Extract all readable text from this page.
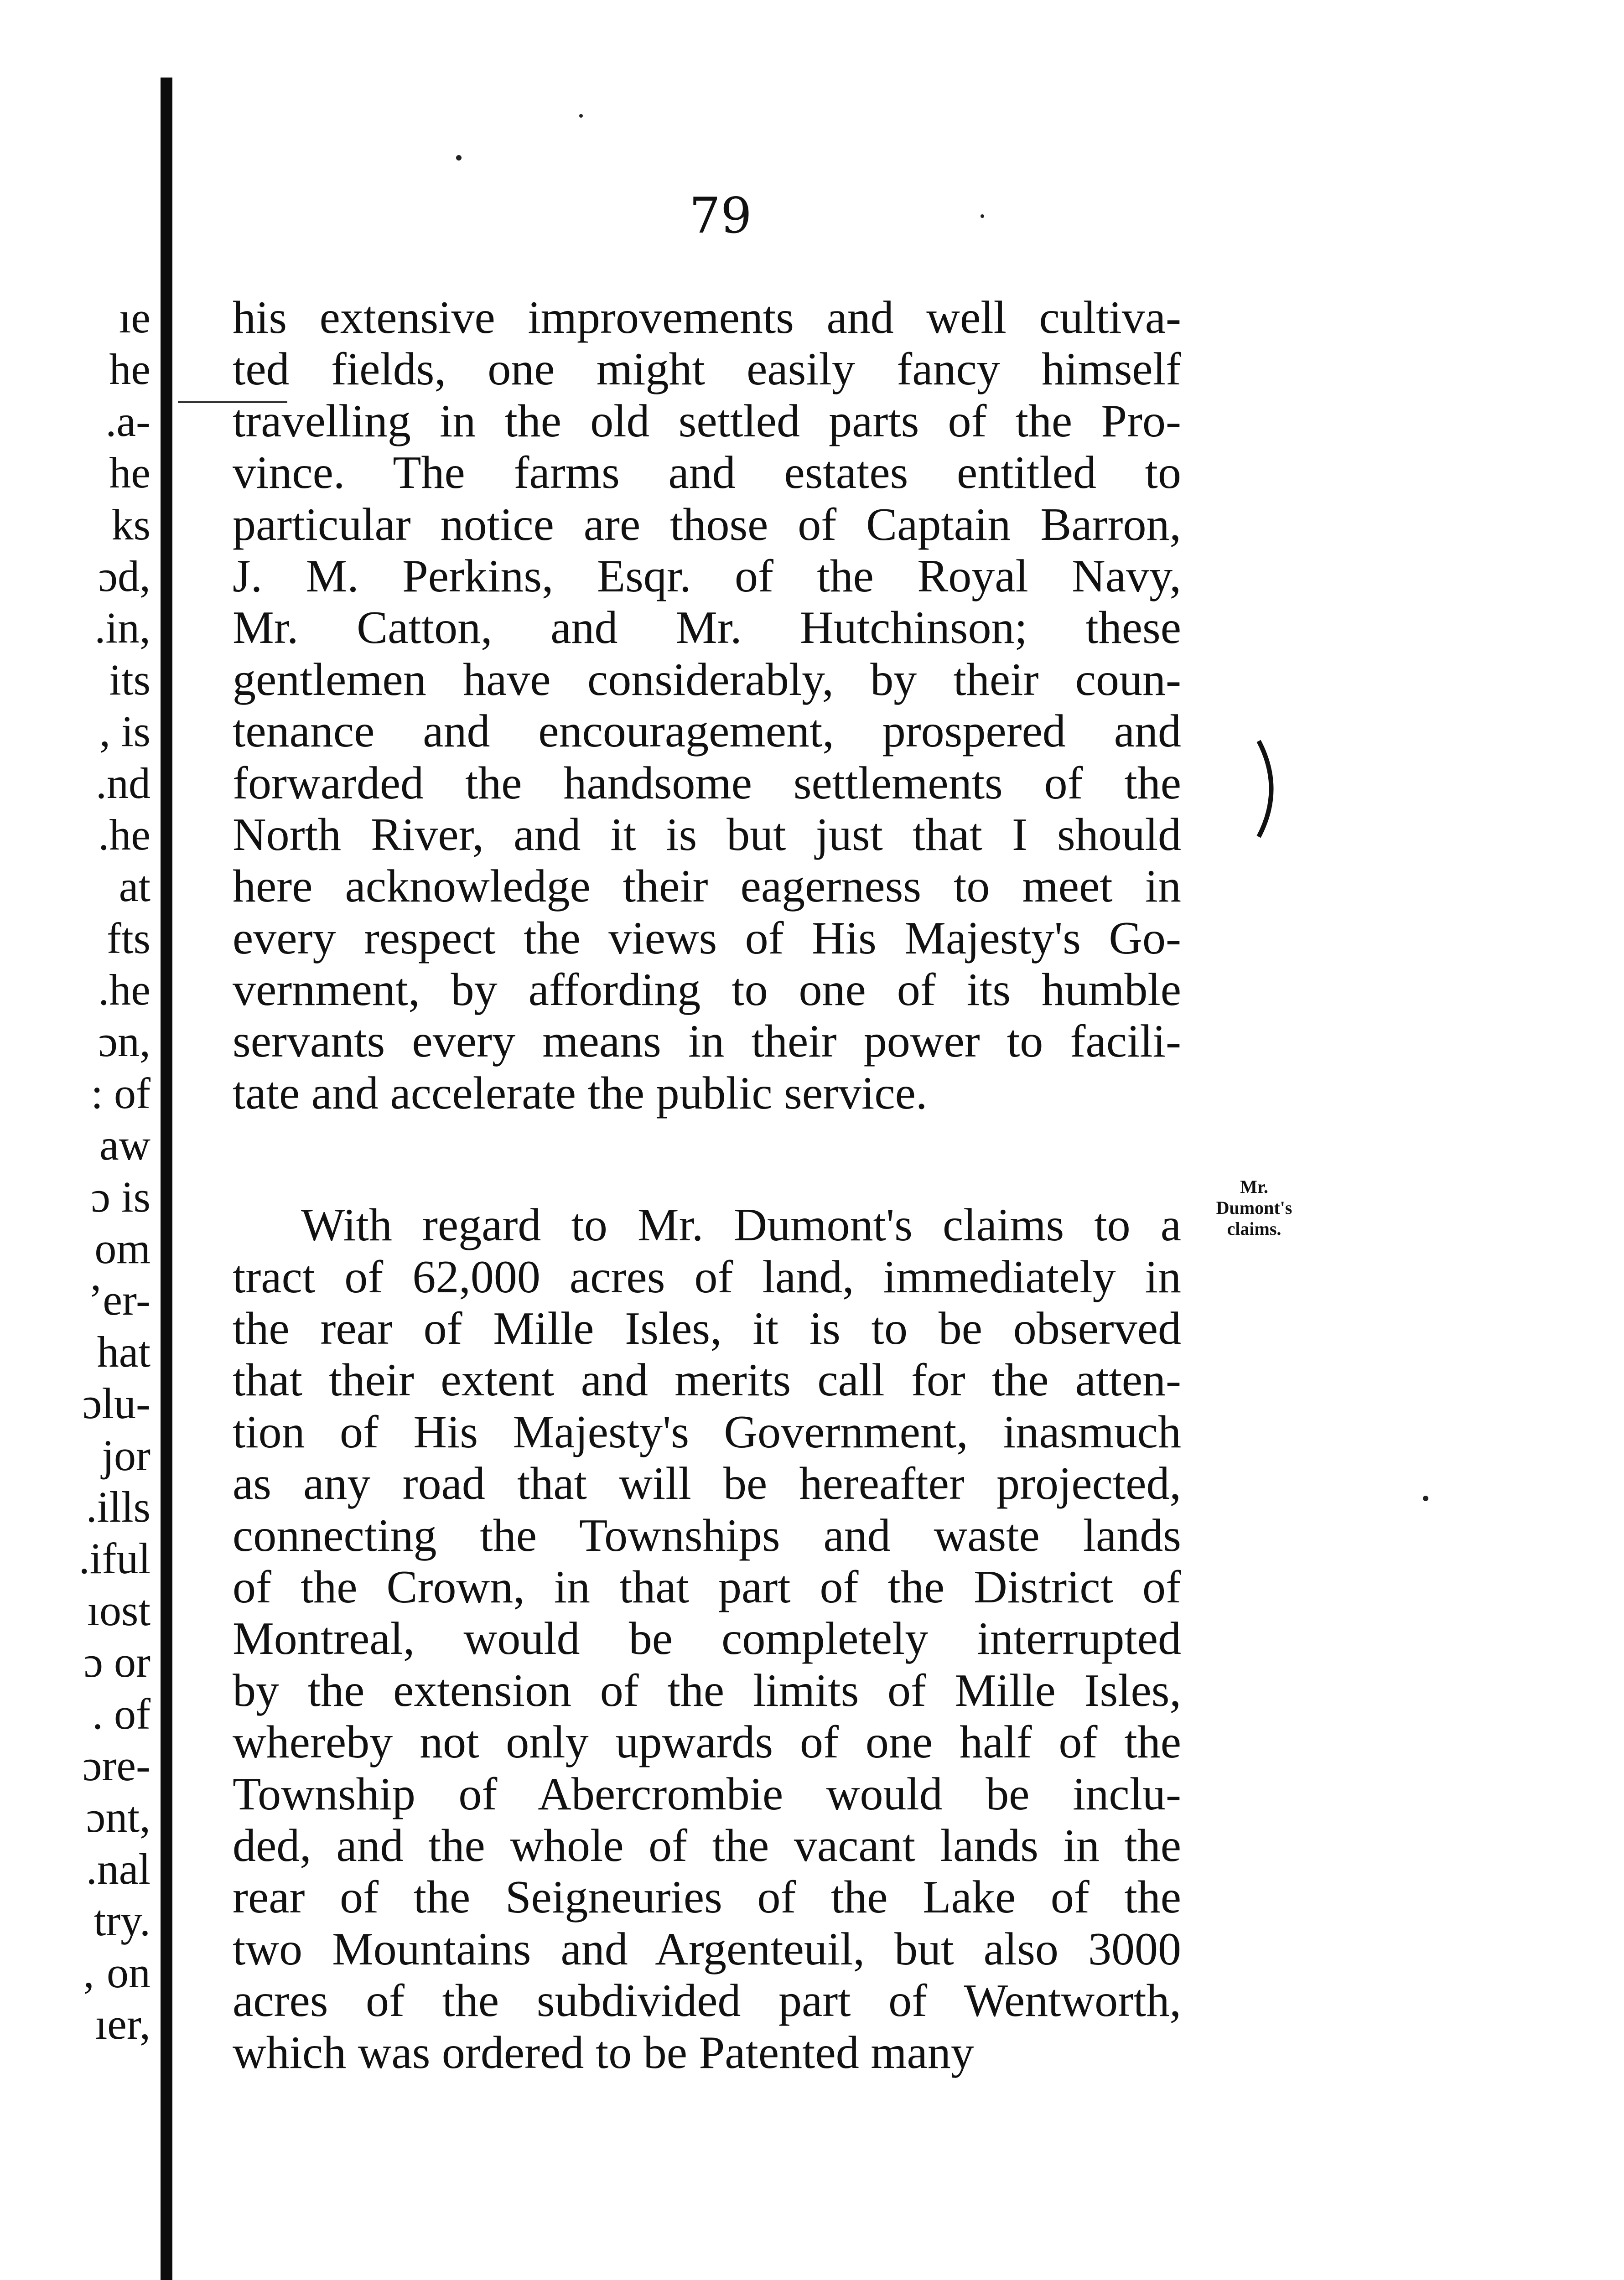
79
ıe
he
.a-
he
ks
ɔd,
.in,
its
, is
.nd
.he
at
fts
.he
ɔn,
: of
aw
ɔ is
om
ʼer-
hat
ɔlu-
jor
.ills
.iful
ıost
ɔ or
. of
ɔre-
ɔnt,
.nal
try.
‚ on
ıer,
his extensive improvements and well cultiva-
ted fields, one might easily fancy himself
travelling in the old settled parts of the Pro-
vince. The farms and estates entitled to
particular notice are those of Captain Barron,
J. M. Perkins, Esqr. of the Royal Navy,
Mr. Catton, and Mr. Hutchinson; these
gentlemen have considerably, by their coun-
tenance and encouragement, prospered and
forwarded the handsome settlements of the
North River, and it is but just that I should
here acknowledge their eagerness to meet in
every respect the views of His Majesty's Go-
vernment, by affording to one of its humble
servants every means in their power to facili-
tate and accelerate the public service.
With regard to Mr. Dumont's claims to a
tract of 62,000 acres of land, immediately in
the rear of Mille Isles, it is to be observed
that their extent and merits call for the atten-
tion of His Majesty's Government, inasmuch
as any road that will be hereafter projected,
connecting the Townships and waste lands
of the Crown, in that part of the District of
Montreal, would be completely interrupted
by the extension of the limits of Mille Isles,
whereby not only upwards of one half of the
Township of Abercrombie would be inclu-
ded, and the whole of the vacant lands in the
rear of the Seigneuries of the Lake of the
two Mountains and Argenteuil, but also 3000
acres of the subdivided part of Wentworth,
which was ordered to be Patented many
Mr.
Dumont's
claims.
